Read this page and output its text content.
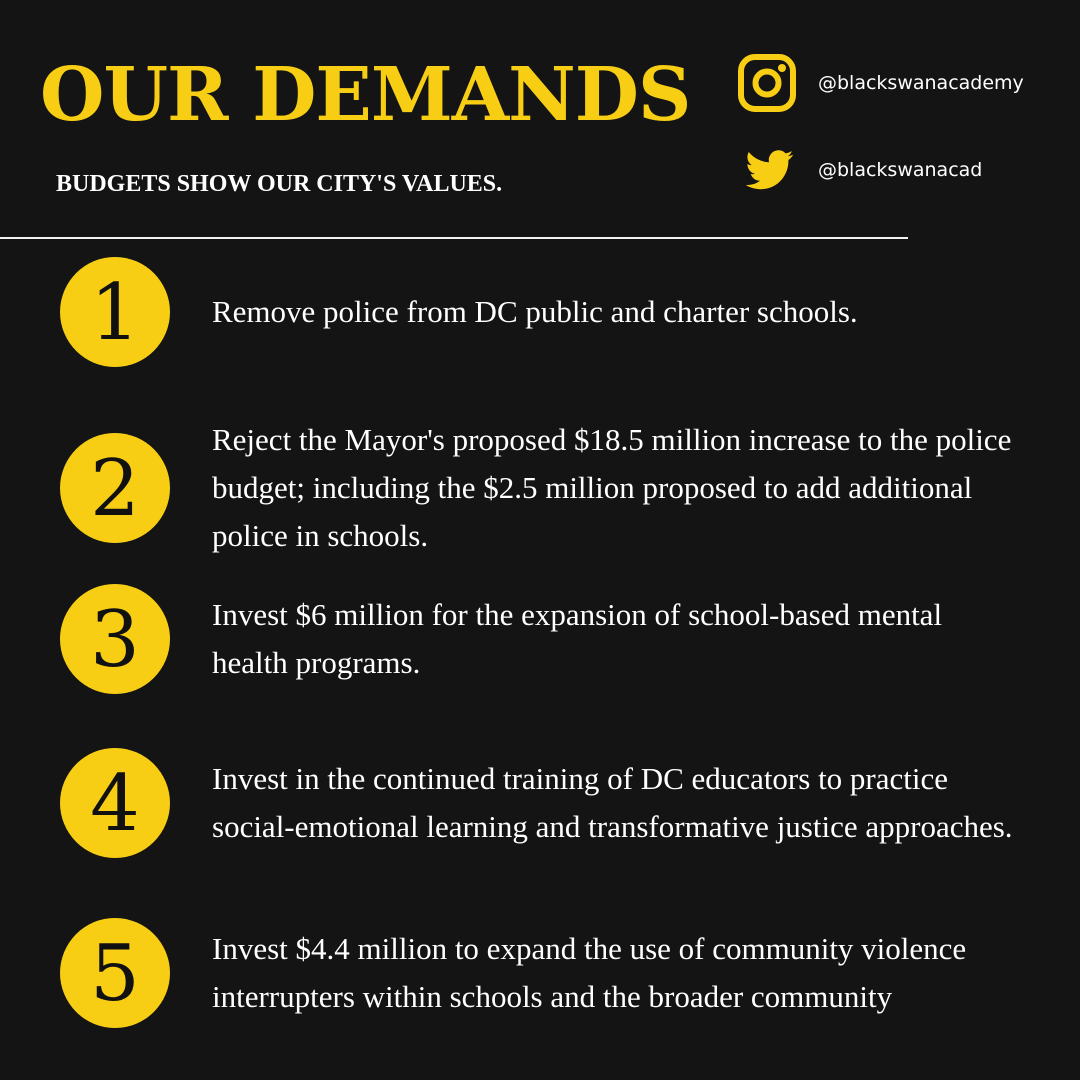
OUR DEMANDS

BUDGETS SHOW OUR CITY'S VALUES.

@blackswanacademy
@blackswanacad
1 Remove police from DC public and charter schools.
2
Reject the Mayor's proposed $18.5 million increase to the police budget; including the $2.5 million proposed to add additional police in schools.
3 Invest $6 million for the expansion of school-based mental health programs.
4 Invest in the continued training of DC educators to practice social-emotional learning and transformative justice approaches.
5 Invest $4.4 million to expand the use of community violence interrupters within schools and the broader community
